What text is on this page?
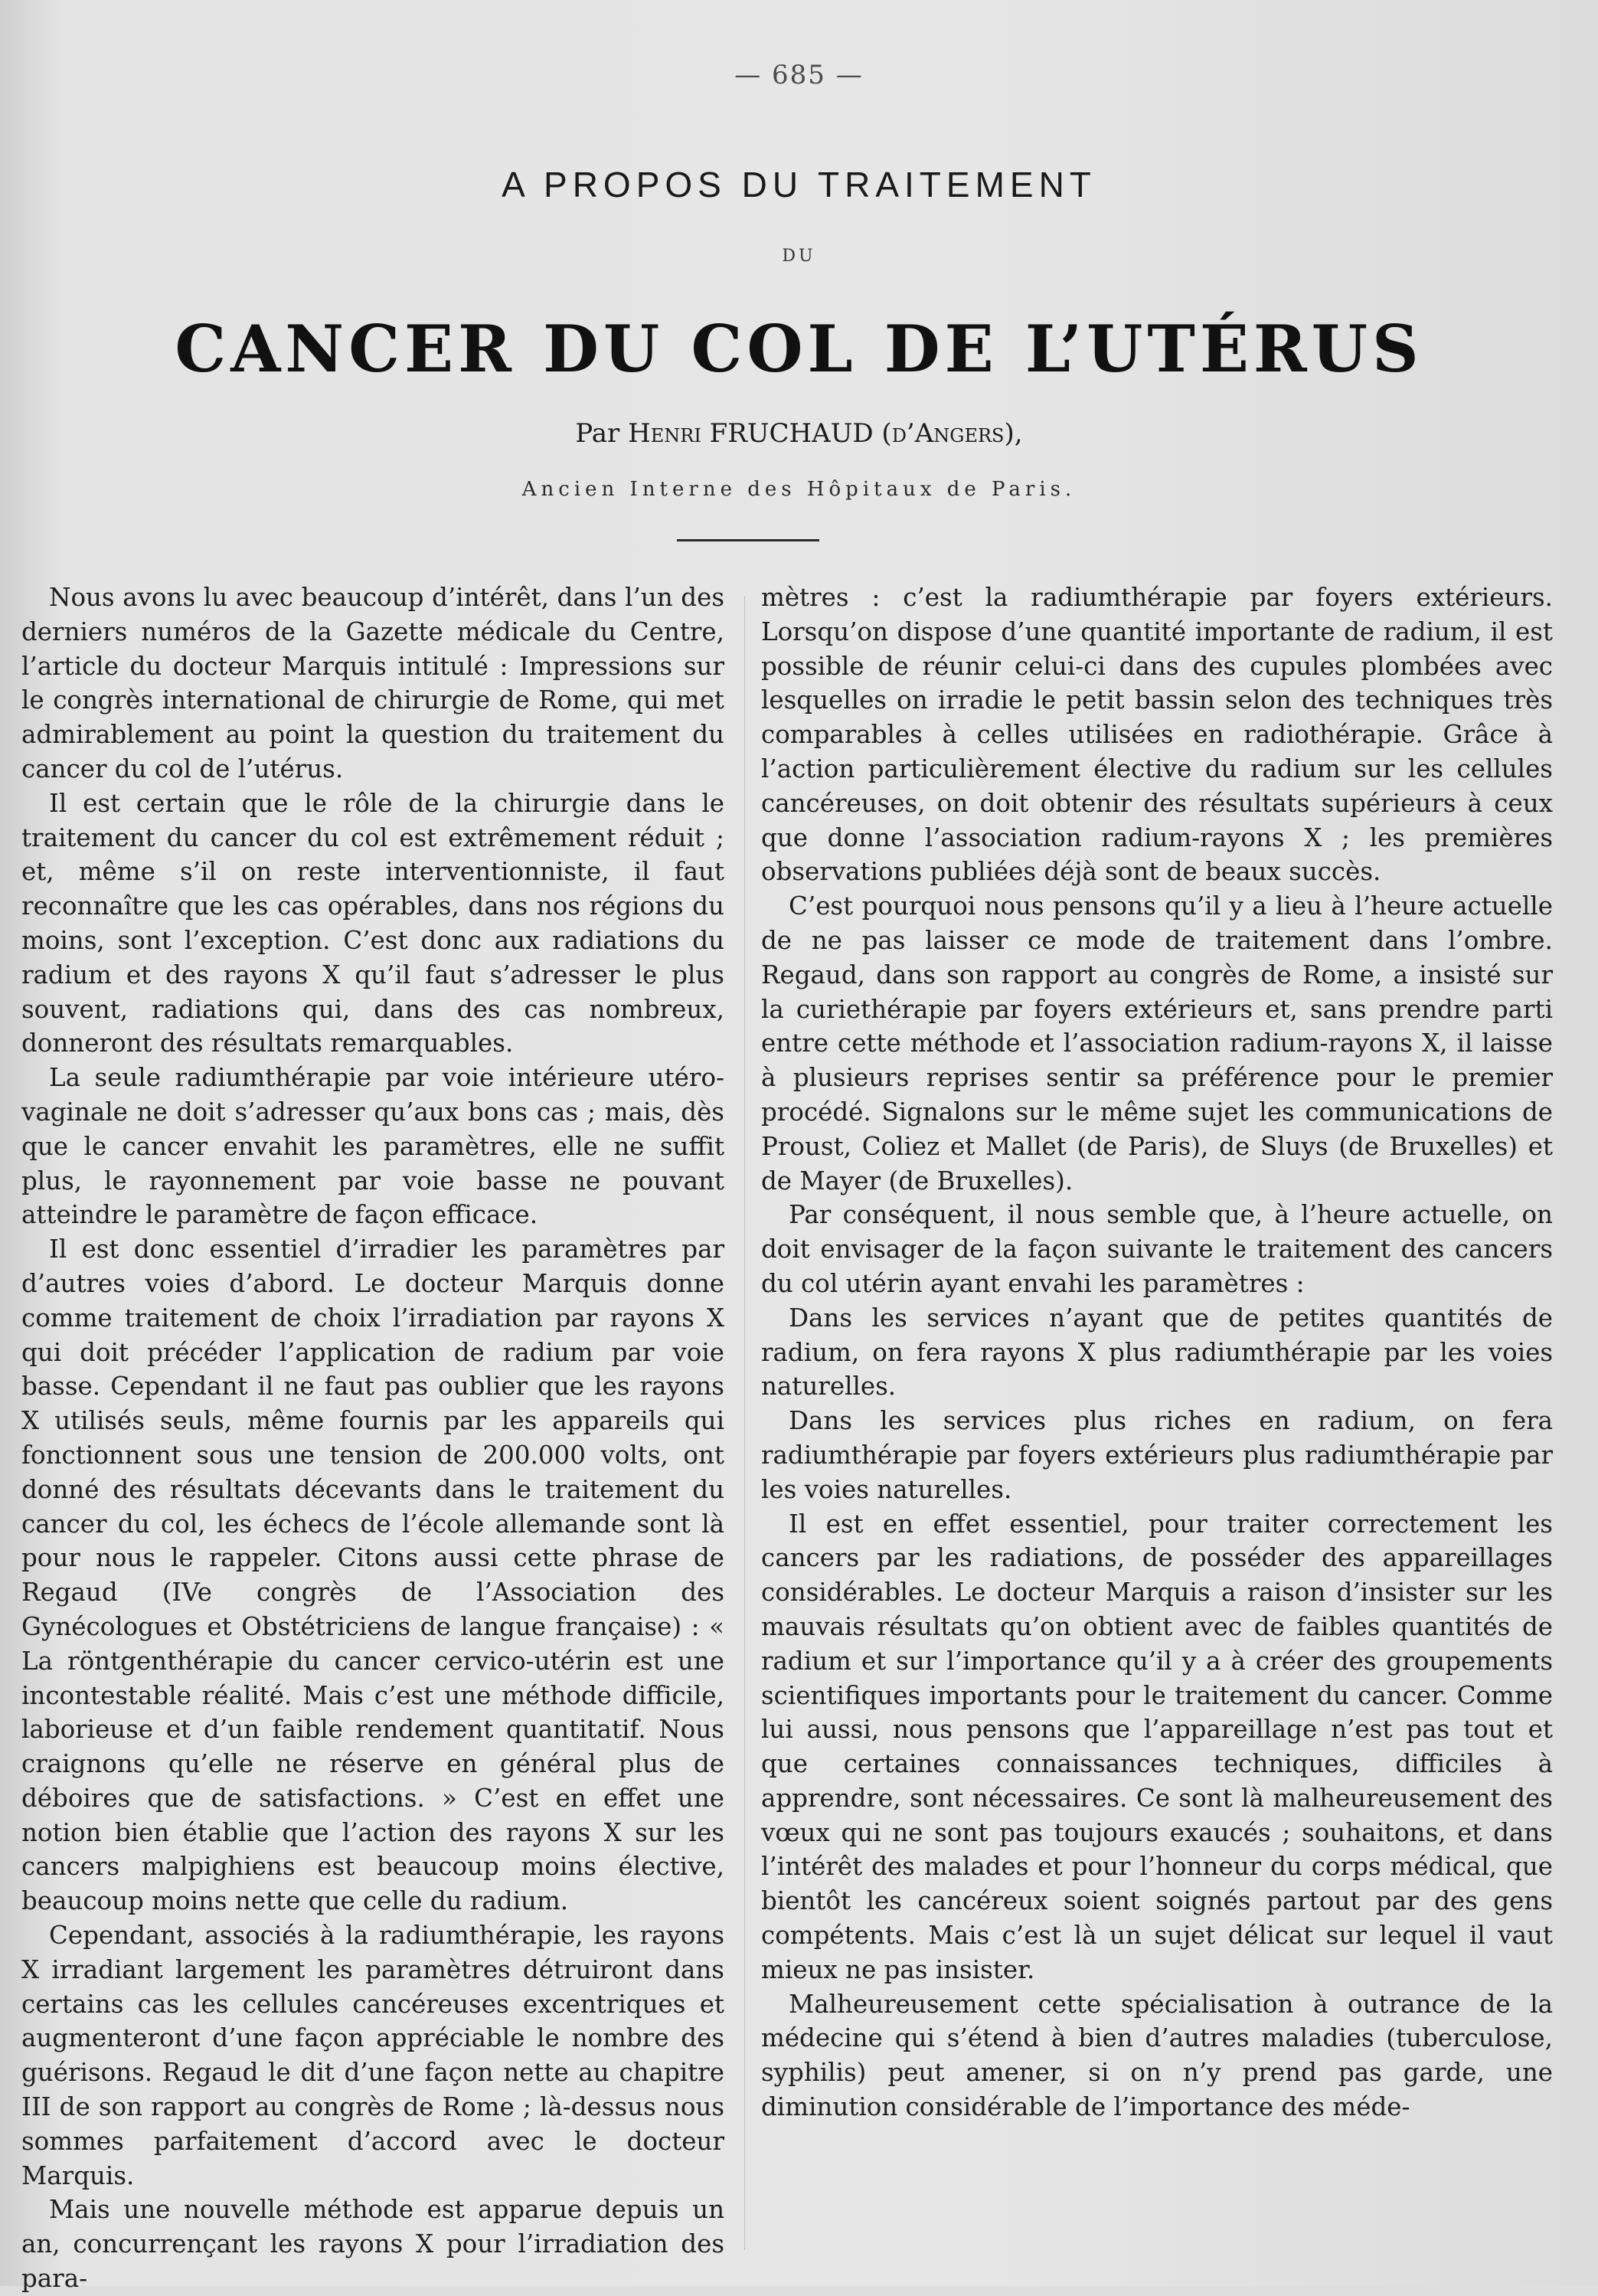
— 685 —
A PROPOS DU TRAITEMENT
DU
CANCER DU COL DE L’UTÉRUS
Par Henri FRUCHAUD (d’Angers),
Ancien Interne des Hôpitaux de Paris.

Nous avons lu avec beaucoup d’intérêt, dans l’un des derniers numéros de la Gazette médicale du Centre, l’article du docteur Marquis intitulé : Impressions sur le congrès international de chirurgie de Rome, qui met admirablement au point la question du traitement du cancer du col de l’utérus.

Il est certain que le rôle de la chirurgie dans le traitement du cancer du col est extrêmement réduit ; et, même s’il on reste interventionniste, il faut reconnaître que les cas opérables, dans nos régions du moins, sont l’exception. C’est donc aux radiations du radium et des rayons X qu’il faut s’adresser le plus souvent, radiations qui, dans des cas nombreux, donneront des résultats remarquables.

La seule radiumthérapie par voie intérieure utéro-vaginale ne doit s’adresser qu’aux bons cas ; mais, dès que le cancer envahit les paramètres, elle ne suffit plus, le rayonnement par voie basse ne pouvant atteindre le paramètre de façon efficace.

Il est donc essentiel d’irradier les paramètres par d’autres voies d’abord. Le docteur Marquis donne comme traitement de choix l’irradiation par rayons X qui doit précéder l’application de radium par voie basse. Cependant il ne faut pas oublier que les rayons X utilisés seuls, même fournis par les appareils qui fonctionnent sous une tension de 200.000 volts, ont donné des résultats décevants dans le traitement du cancer du col, les échecs de l’école allemande sont là pour nous le rappeler. Citons aussi cette phrase de Regaud (IVe congrès de l’Association des Gynécologues et Obstétriciens de langue française) : « La röntgenthérapie du cancer cervico-utérin est une incontestable réalité. Mais c’est une méthode difficile, laborieuse et d’un faible rendement quantitatif. Nous craignons qu’elle ne réserve en général plus de déboires que de satisfactions. » C’est en effet une notion bien établie que l’action des rayons X sur les cancers malpighiens est beaucoup moins élective, beaucoup moins nette que celle du radium.

Cependant, associés à la radiumthérapie, les rayons X irradiant largement les paramètres détruiront dans certains cas les cellules cancéreuses excentriques et augmenteront d’une façon appréciable le nombre des guérisons. Regaud le dit d’une façon nette au chapitre III de son rapport au congrès de Rome ; là-dessus nous sommes parfaitement d’accord avec le docteur Marquis.

Mais une nouvelle méthode est apparue depuis un an, concurrençant les rayons X pour l’irradiation des para-

mètres : c’est la radiumthérapie par foyers extérieurs. Lorsqu’on dispose d’une quantité importante de radium, il est possible de réunir celui-ci dans des cupules plombées avec lesquelles on irradie le petit bassin selon des techniques très comparables à celles utilisées en radiothérapie. Grâce à l’action particulièrement élective du radium sur les cellules cancéreuses, on doit obtenir des résultats supérieurs à ceux que donne l’association radium-rayons X ; les premières observations publiées déjà sont de beaux succès.

C’est pourquoi nous pensons qu’il y a lieu à l’heure actuelle de ne pas laisser ce mode de traitement dans l’ombre. Regaud, dans son rapport au congrès de Rome, a insisté sur la curiethérapie par foyers extérieurs et, sans prendre parti entre cette méthode et l’association radium-rayons X, il laisse à plusieurs reprises sentir sa préférence pour le premier procédé. Signalons sur le même sujet les communications de Proust, Coliez et Mallet (de Paris), de Sluys (de Bruxelles) et de Mayer (de Bruxelles).

Par conséquent, il nous semble que, à l’heure actuelle, on doit envisager de la façon suivante le traitement des cancers du col utérin ayant envahi les paramètres :

Dans les services n’ayant que de petites quantités de radium, on fera rayons X plus radiumthérapie par les voies naturelles.

Dans les services plus riches en radium, on fera radiumthérapie par foyers extérieurs plus radiumthérapie par les voies naturelles.

Il est en effet essentiel, pour traiter correctement les cancers par les radiations, de posséder des appareillages considérables. Le docteur Marquis a raison d’insister sur les mauvais résultats qu’on obtient avec de faibles quantités de radium et sur l’importance qu’il y a à créer des groupements scientifiques importants pour le traitement du cancer. Comme lui aussi, nous pensons que l’appareillage n’est pas tout et que certaines connaissances techniques, difficiles à apprendre, sont nécessaires. Ce sont là malheureusement des vœux qui ne sont pas toujours exaucés ; souhaitons, et dans l’intérêt des malades et pour l’honneur du corps médical, que bientôt les cancéreux soient soignés partout par des gens compétents. Mais c’est là un sujet délicat sur lequel il vaut mieux ne pas insister.

Malheureusement cette spécialisation à outrance de la médecine qui s’étend à bien d’autres maladies (tuberculose, syphilis) peut amener, si on n’y prend pas garde, une diminution considérable de l’importance des méde-
